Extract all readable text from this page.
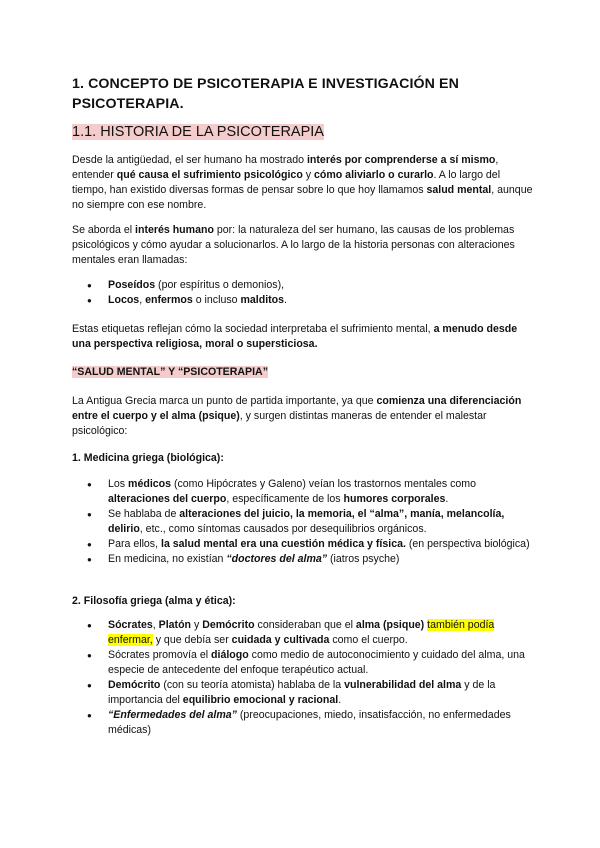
1. CONCEPTO DE PSICOTERAPIA E INVESTIGACIÓN EN PSICOTERAPIA.
1.1. HISTORIA DE LA PSICOTERAPIA

Desde la antigüedad, el ser humano ha mostrado interés por comprenderse a sí mismo, entender qué causa el sufrimiento psicológico y cómo aliviarlo o curarlo. A lo largo del tiempo, han existido diversas formas de pensar sobre lo que hoy llamamos salud mental, aunque no siempre con ese nombre.

Se aborda el interés humano por: la naturaleza del ser humano, las causas de los problemas psicológicos y cómo ayudar a solucionarlos. A lo largo de la historia personas con alteraciones mentales eran llamadas:

● Poseídos (por espíritus o demonios),
● Locos, enfermos o incluso malditos.

Estas etiquetas reflejan cómo la sociedad interpretaba el sufrimiento mental, a menudo desde una perspectiva religiosa, moral o supersticiosa.

“SALUD MENTAL” Y “PSICOTERAPIA”

La Antigua Grecia marca un punto de partida importante, ya que comienza una diferenciación entre el cuerpo y el alma (psique), y surgen distintas maneras de entender el malestar psicológico:

1. Medicina griega (biológica):

● Los médicos (como Hipócrates y Galeno) veían los trastornos mentales como alteraciones del cuerpo, específicamente de los humores corporales.
● Se hablaba de alteraciones del juicio, la memoria, el “alma”, manía, melancolía, delirio, etc., como síntomas causados por desequilibrios orgánicos.
● Para ellos, la salud mental era una cuestión médica y física. (en perspectiva biológica)
● En medicina, no existían “doctores del alma” (iatros psyche)

2. Filosofía griega (alma y ética):

● Sócrates, Platón y Demócrito consideraban que el alma (psique) también podía enfermar, y que debía ser cuidada y cultivada como el cuerpo.
● Sócrates promovía el diálogo como medio de autoconocimiento y cuidado del alma, una especie de antecedente del enfoque terapéutico actual.
● Demócrito (con su teoría atomista) hablaba de la vulnerabilidad del alma y de la importancia del equilibrio emocional y racional.
● “Enfermedades del alma” (preocupaciones, miedo, insatisfacción, no enfermedades médicas)
